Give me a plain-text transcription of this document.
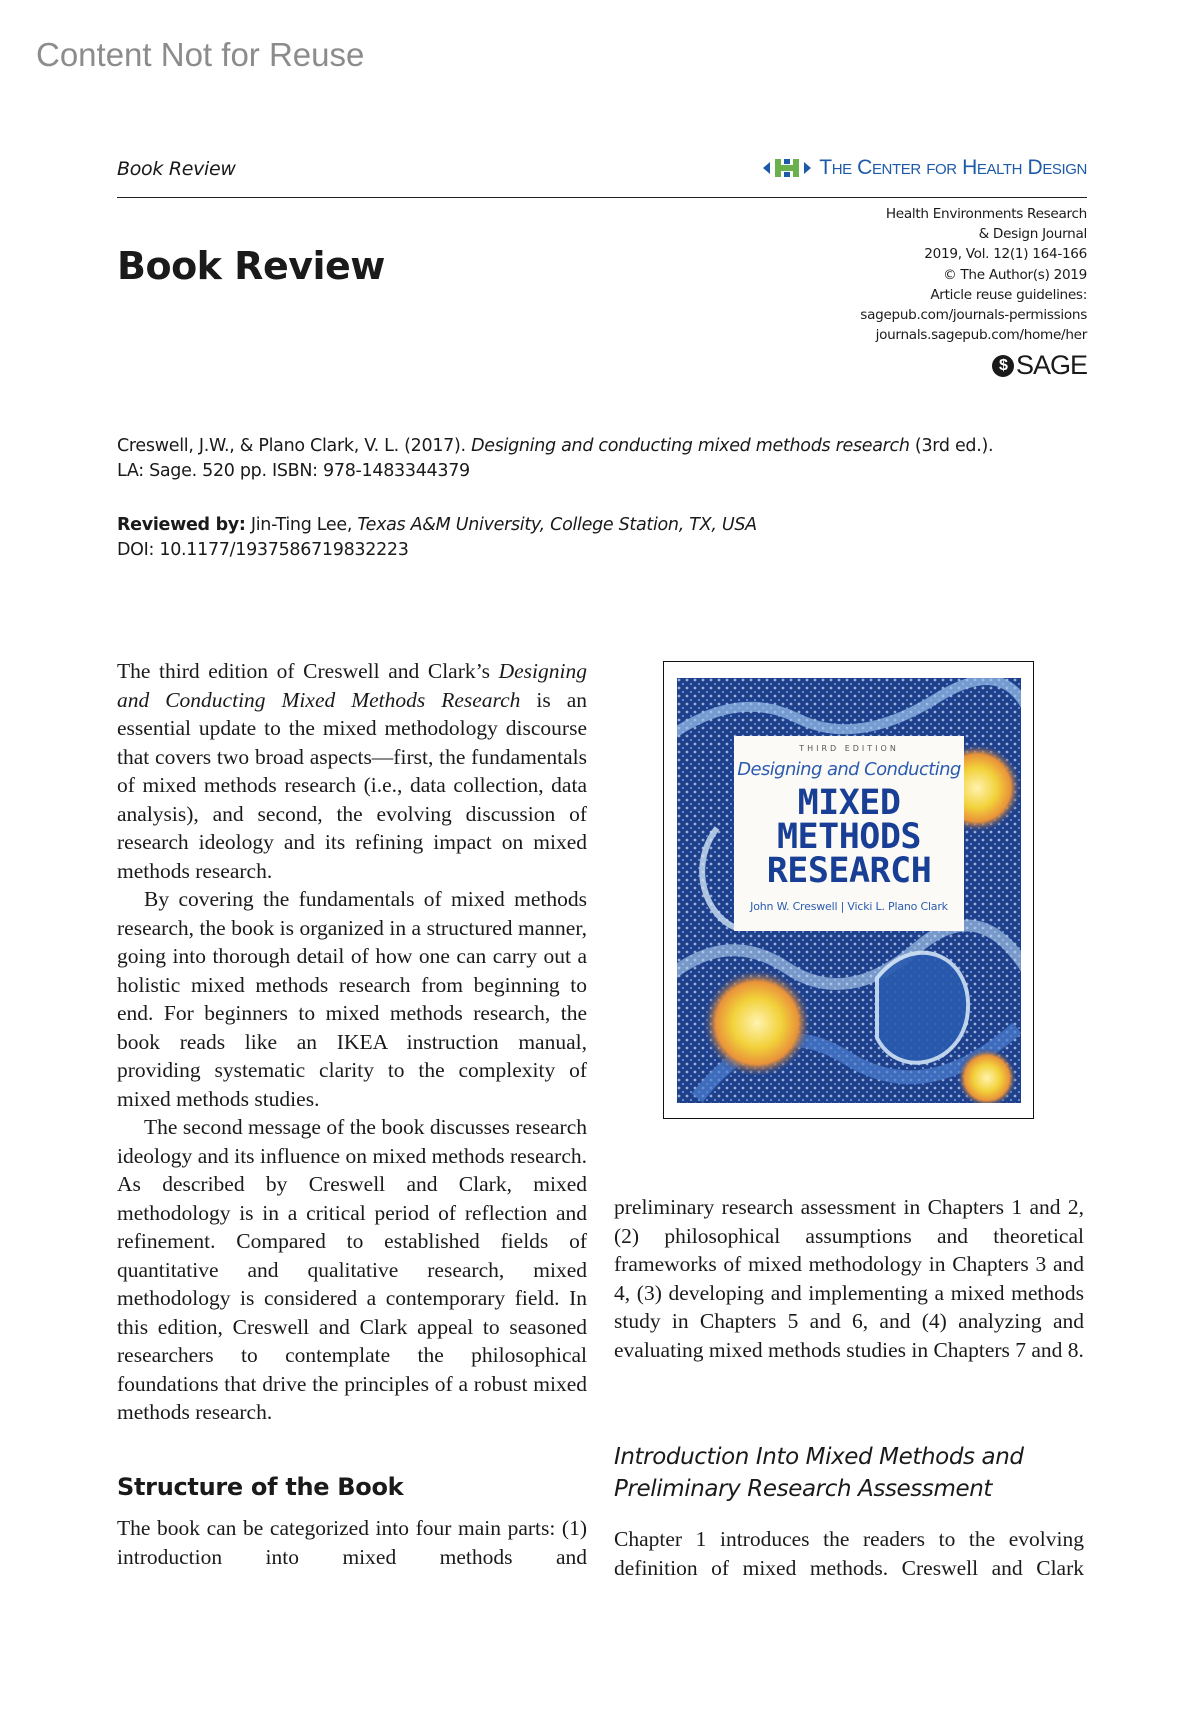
Content Not for Reuse
Book Review	The Center for Health Design
Book Review
Health Environments Research
& Design Journal
2019, Vol. 12(1) 164-166
© The Author(s) 2019
Article reuse guidelines:
sagepub.com/journals-permissions
journals.sagepub.com/home/her
$ SAGE
Creswell, J.W., & Plano Clark, V. L. (2017). Designing and conducting mixed methods research (3rd ed.).
LA: Sage. 520 pp. ISBN: 978-1483344379
Reviewed by: Jin-Ting Lee, Texas A&M University, College Station, TX, USA
DOI: 10.1177/1937586719832223

The third edition of Creswell and Clark’s Designing and Conducting Mixed Methods Research is an essential update to the mixed methodology discourse that covers two broad aspects—first, the fundamentals of mixed methods research (i.e., data collection, data analysis), and second, the evolving discussion of research ideology and its refining impact on mixed methods research.

By covering the fundamentals of mixed methods research, the book is organized in a structured manner, going into thorough detail of how one can carry out a holistic mixed methods research from beginning to end. For beginners to mixed methods research, the book reads like an IKEA instruction manual, providing systematic clarity to the complexity of mixed methods studies.

The second message of the book discusses research ideology and its influence on mixed methods research. As described by Creswell and Clark, mixed methodology is in a critical period of reflection and refinement. Compared to established fields of quantitative and qualitative research, mixed methodology is considered a contemporary field. In this edition, Creswell and Clark appeal to seasoned researchers to contemplate the philosophical foundations that drive the principles of a robust mixed methods research.

Structure of the Book

The book can be categorized into four main parts: (1) introduction into mixed methods and

THIRD EDITION
Designing and Conducting
MIXED
METHODS
RESEARCH
John W. Creswell | Vicki L. Plano Clark

preliminary research assessment in Chapters 1 and 2, (2) philosophical assumptions and theoretical frameworks of mixed methodology in Chapters 3 and 4, (3) developing and implementing a mixed methods study in Chapters 5 and 6, and (4) analyzing and evaluating mixed methods studies in Chapters 7 and 8.

Introduction Into Mixed Methods and Preliminary Research Assessment

Chapter 1 introduces the readers to the evolving definition of mixed methods. Creswell and Clark
